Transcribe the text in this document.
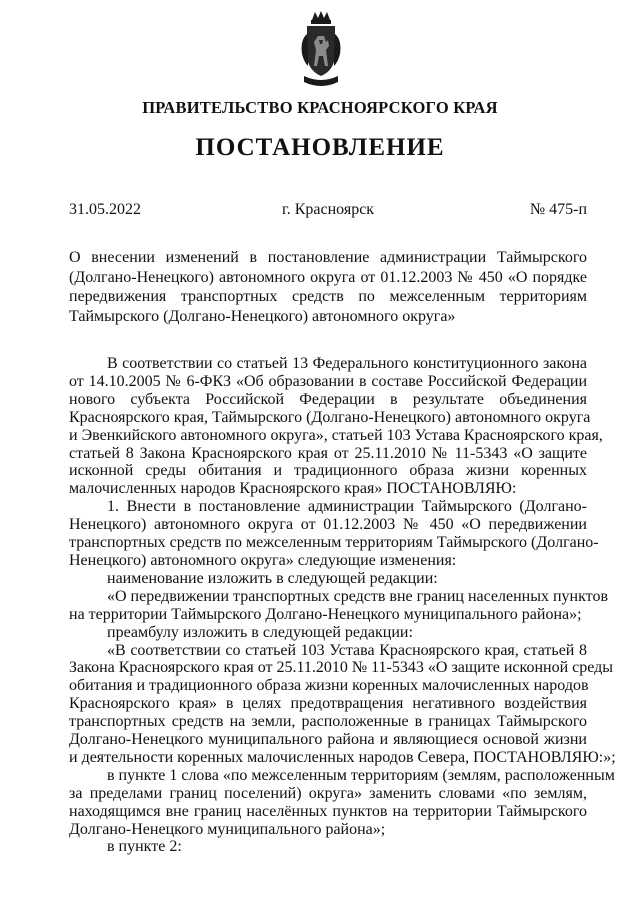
ПРАВИТЕЛЬСТВО КРАСНОЯРСКОГО КРАЯ
ПОСТАНОВЛЕНИЕ
г. Красноярск
31.05.2022	№ 475-п
О внесении изменений в постановление администрации Таймырского
(Долгано-Ненецкого) автономного округа от 01.12.2003 № 450 «О порядке
передвижения транспортных средств по межселенным территориям
Таймырского (Долгано-Ненецкого) автономного округа»
В соответствии со статьей 13 Федерального конституционного закона
от 14.10.2005 № 6-ФКЗ «Об образовании в составе Российской Федерации
нового субъекта Российской Федерации в результате объединения
Красноярского края, Таймырского (Долгано-Ненецкого) автономного округа
и Эвенкийского автономного округа», статьей 103 Устава Красноярского края,
статьей 8 Закона Красноярского края от 25.11.2010 № 11-5343 «О защите
исконной среды обитания и традиционного образа жизни коренных
малочисленных народов Красноярского края» ПОСТАНОВЛЯЮ:
1. Внести в постановление администрации Таймырского (Долгано-
Ненецкого) автономного округа от 01.12.2003 № 450 «О передвижении
транспортных средств по межселенным территориям Таймырского (Долгано-
Ненецкого) автономного округа» следующие изменения:
наименование изложить в следующей редакции:
«О передвижении транспортных средств вне границ населенных пунктов
на территории Таймырского Долгано-Ненецкого муниципального района»;
преамбулу изложить в следующей редакции:
«В соответствии со статьей 103 Устава Красноярского края, статьей 8
Закона Красноярского края от 25.11.2010 № 11-5343 «О защите исконной среды
обитания и традиционного образа жизни коренных малочисленных народов
Красноярского края» в целях предотвращения негативного воздействия
транспортных средств на земли, расположенные в границах Таймырского
Долгано-Ненецкого муниципального района и являющиеся основой жизни
и деятельности коренных малочисленных народов Севера, ПОСТАНОВЛЯЮ:»;
в пункте 1 слова «по межселенным территориям (землям, расположенным
за пределами границ поселений) округа» заменить словами «по землям,
находящимся вне границ населённых пунктов на территории Таймырского
Долгано-Ненецкого муниципального района»;
в пункте 2:
